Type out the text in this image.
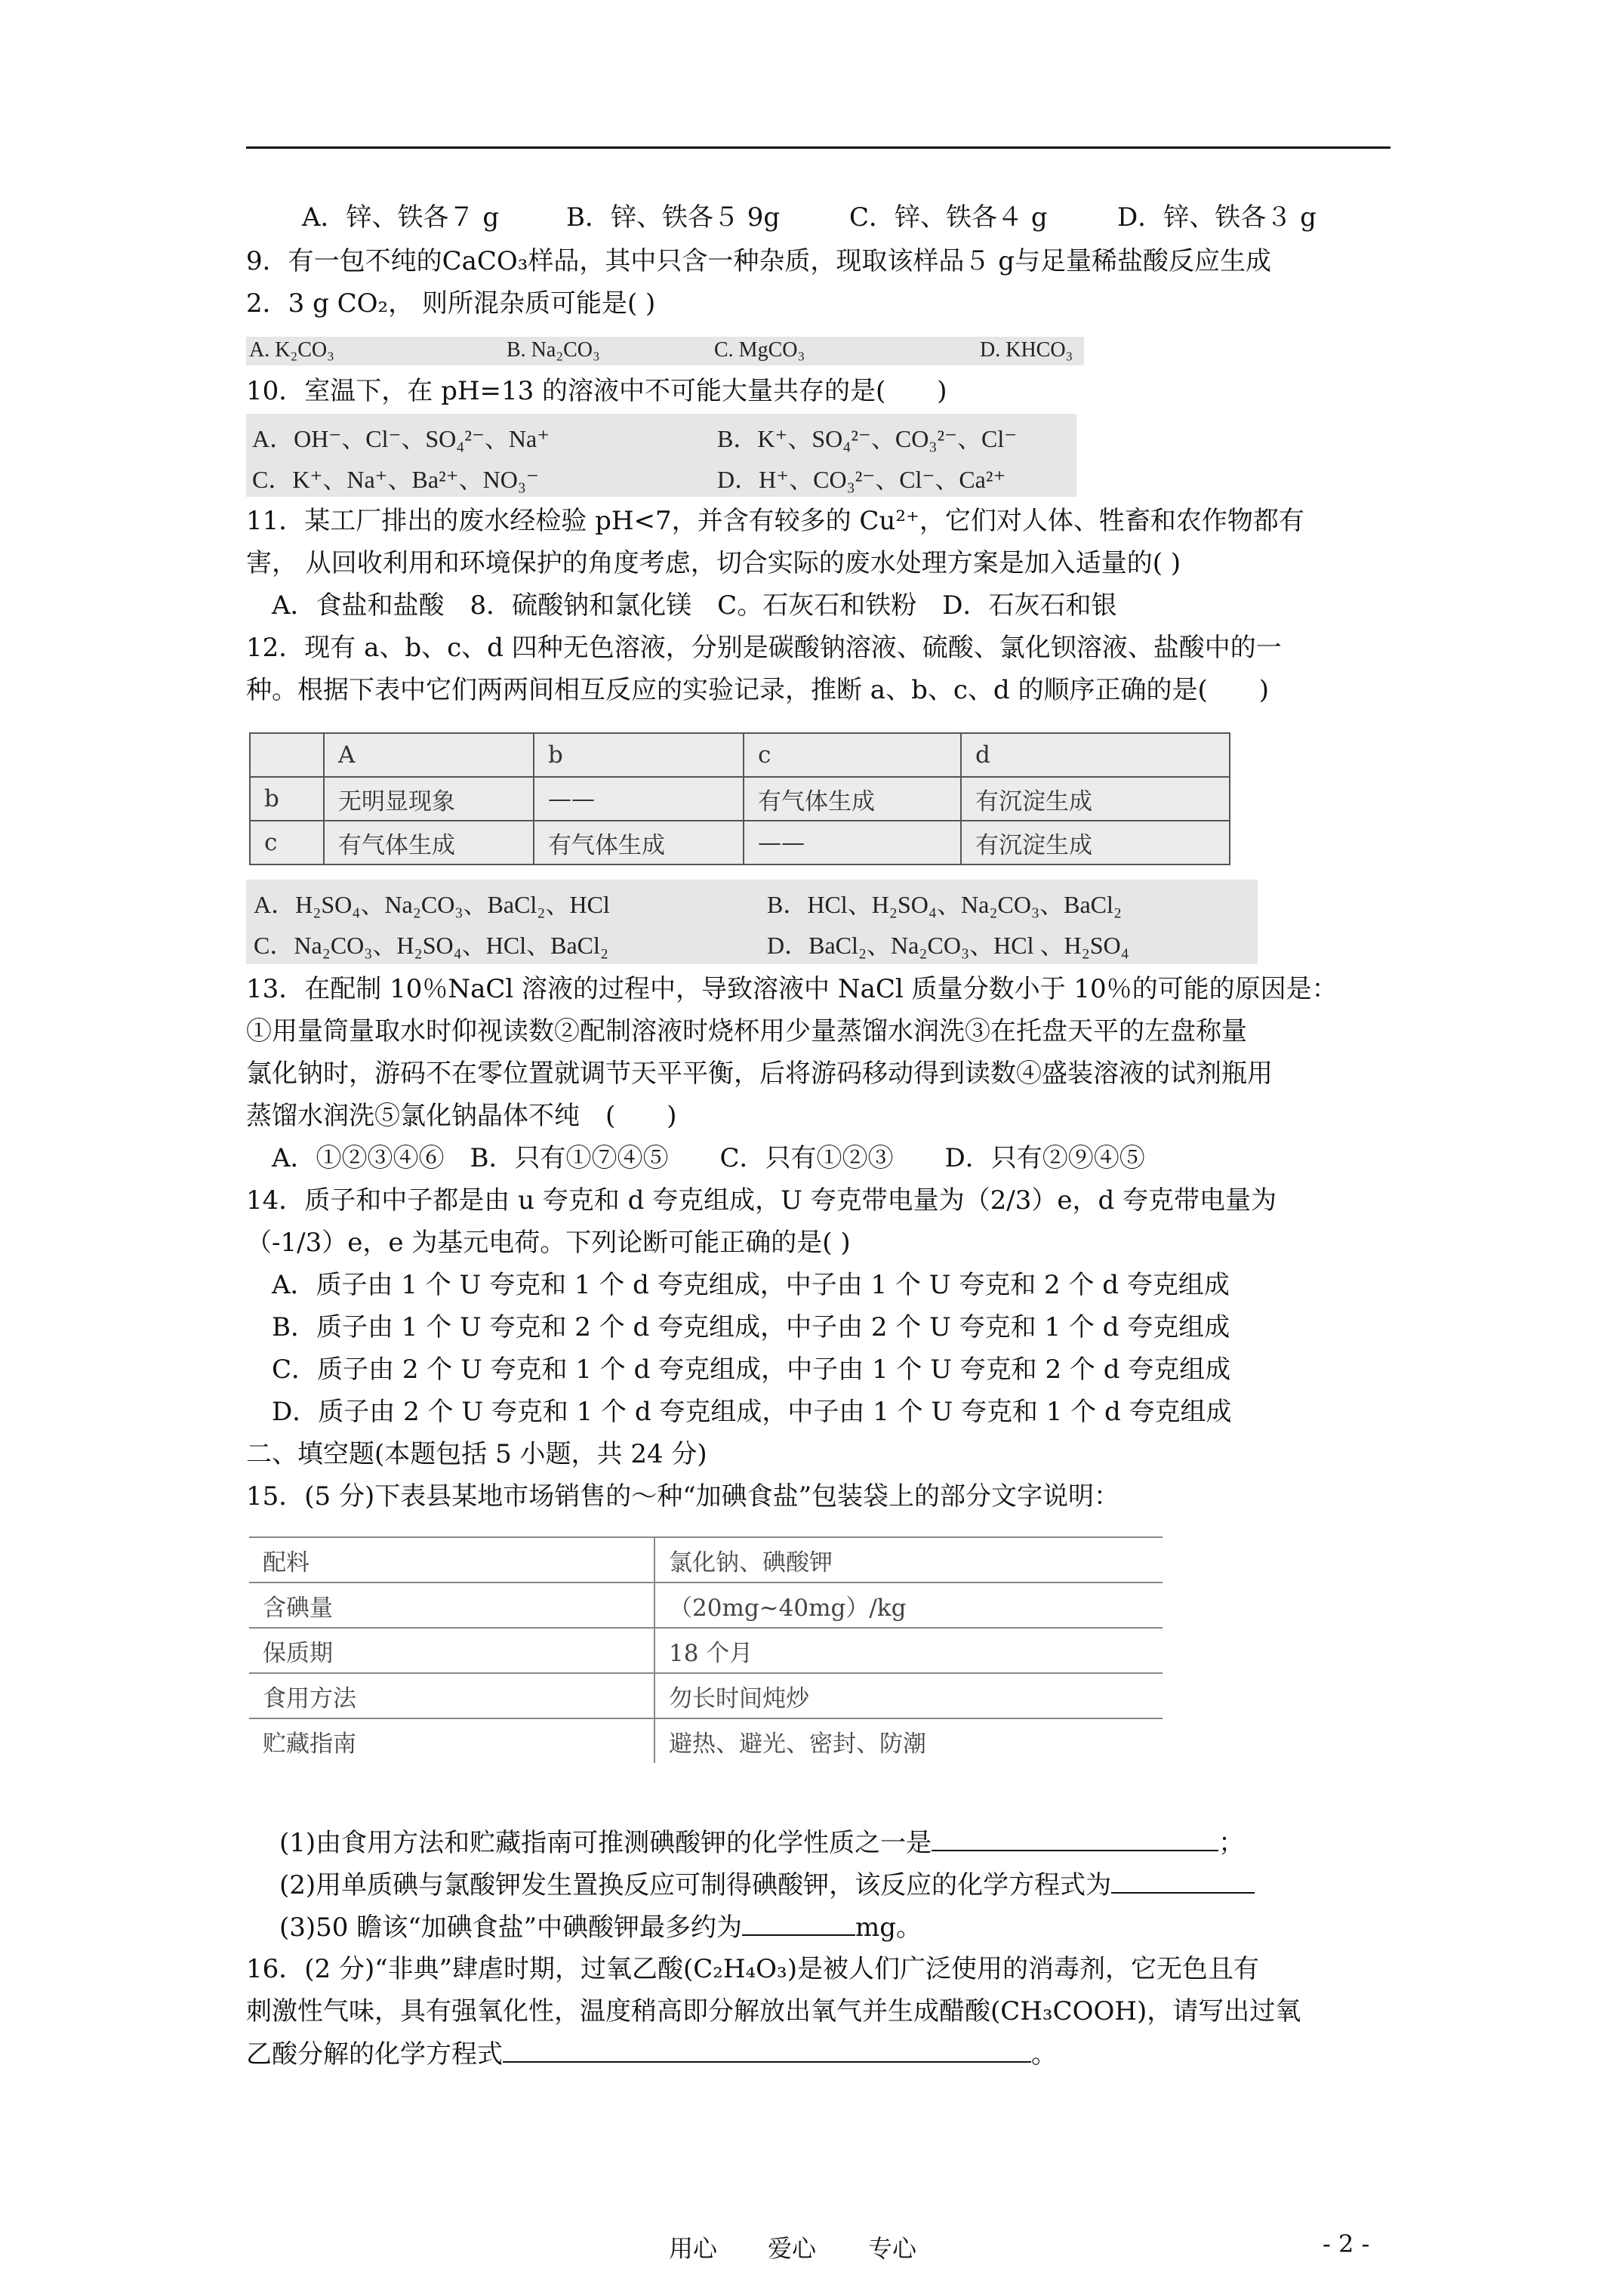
A．锌、铁各７ g	B．锌、铁各５ 9g	C．锌、铁各４ g	D．锌、铁各３ g
9．有一包不纯的CaCO₃样品，其中只含一种杂质，现取该样品５ g与足量稀盐酸反应生成
2．3 g CO₂， 则所混杂质可能是( )
A. K₂CO₃	B. Na₂CO₃	C. MgCO₃	D. KHCO₃
10．室温下，在 pH=13 的溶液中不可能大量共存的是(　　)
A．OH⁻、Cl⁻、SO₄²⁻、Na⁺	B．K⁺、SO₄²⁻、CO₃²⁻、Cl⁻
C．K⁺、Na⁺、Ba²⁺、NO₃⁻	D．H⁺、CO₃²⁻、Cl⁻、Ca²⁺
11．某工厂排出的废水经检验 pH<7，并含有较多的 Cu²⁺，它们对人体、牲畜和农作物都有
害， 从回收利用和环境保护的角度考虑，切合实际的废水处理方案是加入适量的( )
A．食盐和盐酸　8．硫酸钠和氯化镁　C。石灰石和铁粉　D．石灰石和银
12．现有 a、b、c、d 四种无色溶液，分别是碳酸钠溶液、硫酸、氯化钡溶液、盐酸中的一
种。根据下表中它们两两间相互反应的实验记录，推断 a、b、c、d 的顺序正确的是(　　)
	A	b	c	d
b	无明显现象	——	有气体生成	有沉淀生成
c	有气体生成	有气体生成	——	有沉淀生成
A．H₂SO₄、Na₂CO₃、BaCl₂、HCl	B．HCl、H₂SO₄、Na₂CO₃、BaCl₂
C．Na₂CO₃、H₂SO₄、HCl、BaCl₂	D．BaCl₂、Na₂CO₃、HCl 、H₂SO₄
13．在配制 10％NaCl 溶液的过程中，导致溶液中 NaCl 质量分数小于 10％的可能的原因是：
①用量筒量取水时仰视读数②配制溶液时烧杯用少量蒸馏水润洗③在托盘天平的左盘称量
氯化钠时，游码不在零位置就调节天平平衡，后将游码移动得到读数④盛装溶液的试剂瓶用
蒸馏水润洗⑤氯化钠晶体不纯　(　　)
A．①②③④⑥　B．只有①⑦④⑤　　C．只有①②③　　D．只有②⑨④⑤
14．质子和中子都是由 u 夸克和 d 夸克组成，U 夸克带电量为（2/3）e，d 夸克带电量为
（-1/3）e，e 为基元电荷。下列论断可能正确的是( )
A．质子由 1 个 U 夸克和 1 个 d 夸克组成，中子由 1 个 U 夸克和 2 个 d 夸克组成
B．质子由 1 个 U 夸克和 2 个 d 夸克组成，中子由 2 个 U 夸克和 1 个 d 夸克组成
C．质子由 2 个 U 夸克和 1 个 d 夸克组成，中子由 1 个 U 夸克和 2 个 d 夸克组成
D．质子由 2 个 U 夸克和 1 个 d 夸克组成，中子由 1 个 U 夸克和 1 个 d 夸克组成
二、填空题(本题包括 5 小题，共 24 分)
15．(5 分)下表县某地市场销售的～种“加碘食盐”包装袋上的部分文字说明：
配料	氯化钠、碘酸钾
含碘量	（20mg~40mg）/kg
保质期	18 个月
食用方法	勿长时间炖炒
贮藏指南	避热、避光、密封、防潮
(1)由食用方法和贮藏指南可推测碘酸钾的化学性质之一是	；
(2)用单质碘与氯酸钾发生置换反应可制得碘酸钾，该反应的化学方程式为
(3)50 瞻该“加碘食盐”中碘酸钾最多约为	mg。
16．(2 分)“非典”肆虐时期，过氧乙酸(C₂H₄O₃)是被人们广泛使用的消毒剂，它无色且有
刺激性气味，具有强氧化性，温度稍高即分解放出氧气并生成醋酸(CH₃COOH)，请写出过氧
乙酸分解的化学方程式	。
用心 爱心 专心	- 2 -
